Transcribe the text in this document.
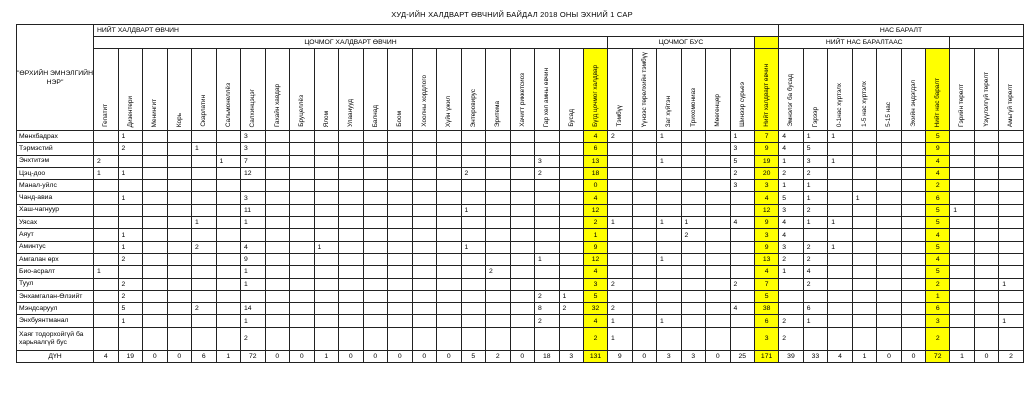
ХУД-ИЙН ХАЛДВАРТ ӨВЧНИЙ БАЙДАЛ 2018 ОНЫ ЭХНИЙ 1 САР
"ӨРХИЙН ЭМНЭЛГИЙН НЭР"	НИЙТ ХАЛДВАРТ ӨВЧИН																												НАС БАРАЛТ									
	ЦОЧМОГ ХАЛДВАРТ ӨВЧИН																					ЦОЧМОГ БУС							НИЙТ НАС БАРАЛТААС									

	Гепатит	Дизентери	Менингит	Корь	Скарлатин	Сальмонеллёз	Салхинцэцэг	Гахайн хавдар	Бруцеллёз	Ялом	Улаанууд	Балнад	Боом	Хоолны хордлого	Хүйн үжил	Энтеровирус	Эритема	Хачигт риккетсиоз	Гар хөл амны өвчин	Бусад	Бүгд цочмог халдвар	Тэмбүү	Үүнээс төрөлхийн тэмбүү	Заг хүйтэн	Трихомониаз	Мөөгөнцөр	Шинээр сүрьеэ	Нийт халдварт өвчин	Эмнэлэг ба бусад	Гэрээр	0-1нас хүртэлх	1-5 нас хүртэлх	5-15 нас	Эхийн эндэгдэл	Нийт нас баралт	Гэрийн төрөлт	Үзүүлэлгүй төрөлт	Амьгүй төрөлт

Мөнхбадрах		1					3														4	2		1			1	7	4	1	1				5			
Тэрмэстий		2			1		3														6						3	9	4	5					9			
Энхтитэм	2					1	7												3		13			1			5	19	1	3	1				4			
Цэц-доо	1	1					12									2			2		18						2	20	2	2					4			
Манал-уйлс																					0						3	3	1	1					2			
Чанд-авиа		1					3														4							4	5	1		1			6			
Хаш-чагнуур							11									1					12							12	3	2					5	1		
Уясах					1		1														2	1		1	1		4	9	4	1	1				5			
Аяут		1																			1				2			3	4						4			
Аминтус		1			2		4			1						1					9							9	3	2	1				5			
Амгалан өрх		2					9												1		12			1				13	2	2					4			
Био-асралт	1						1										2				4							4	1	4					5			
Туул		2					1														3	2					2	7		2					2			1
Энхамгалан-Өлзийт		2																	2	1	5							5							1			
Мэндсаруул		5			2		14												8	2	32	2					4	38		6					6			
Энхбуянтманал		1					1												2		4	1		1				6	2	1					3			1
Хаяг тодорхойгүй ба харьяалгүй бус							2														2	1						3	2						2			
ДҮН	4	19	0	0	6	1	72	0	0	1	0	0	0	0	0	5	2	0	18	3	131	9	0	3	3	0	25	171	39	33	4	1	0	0	72	1	0	2
